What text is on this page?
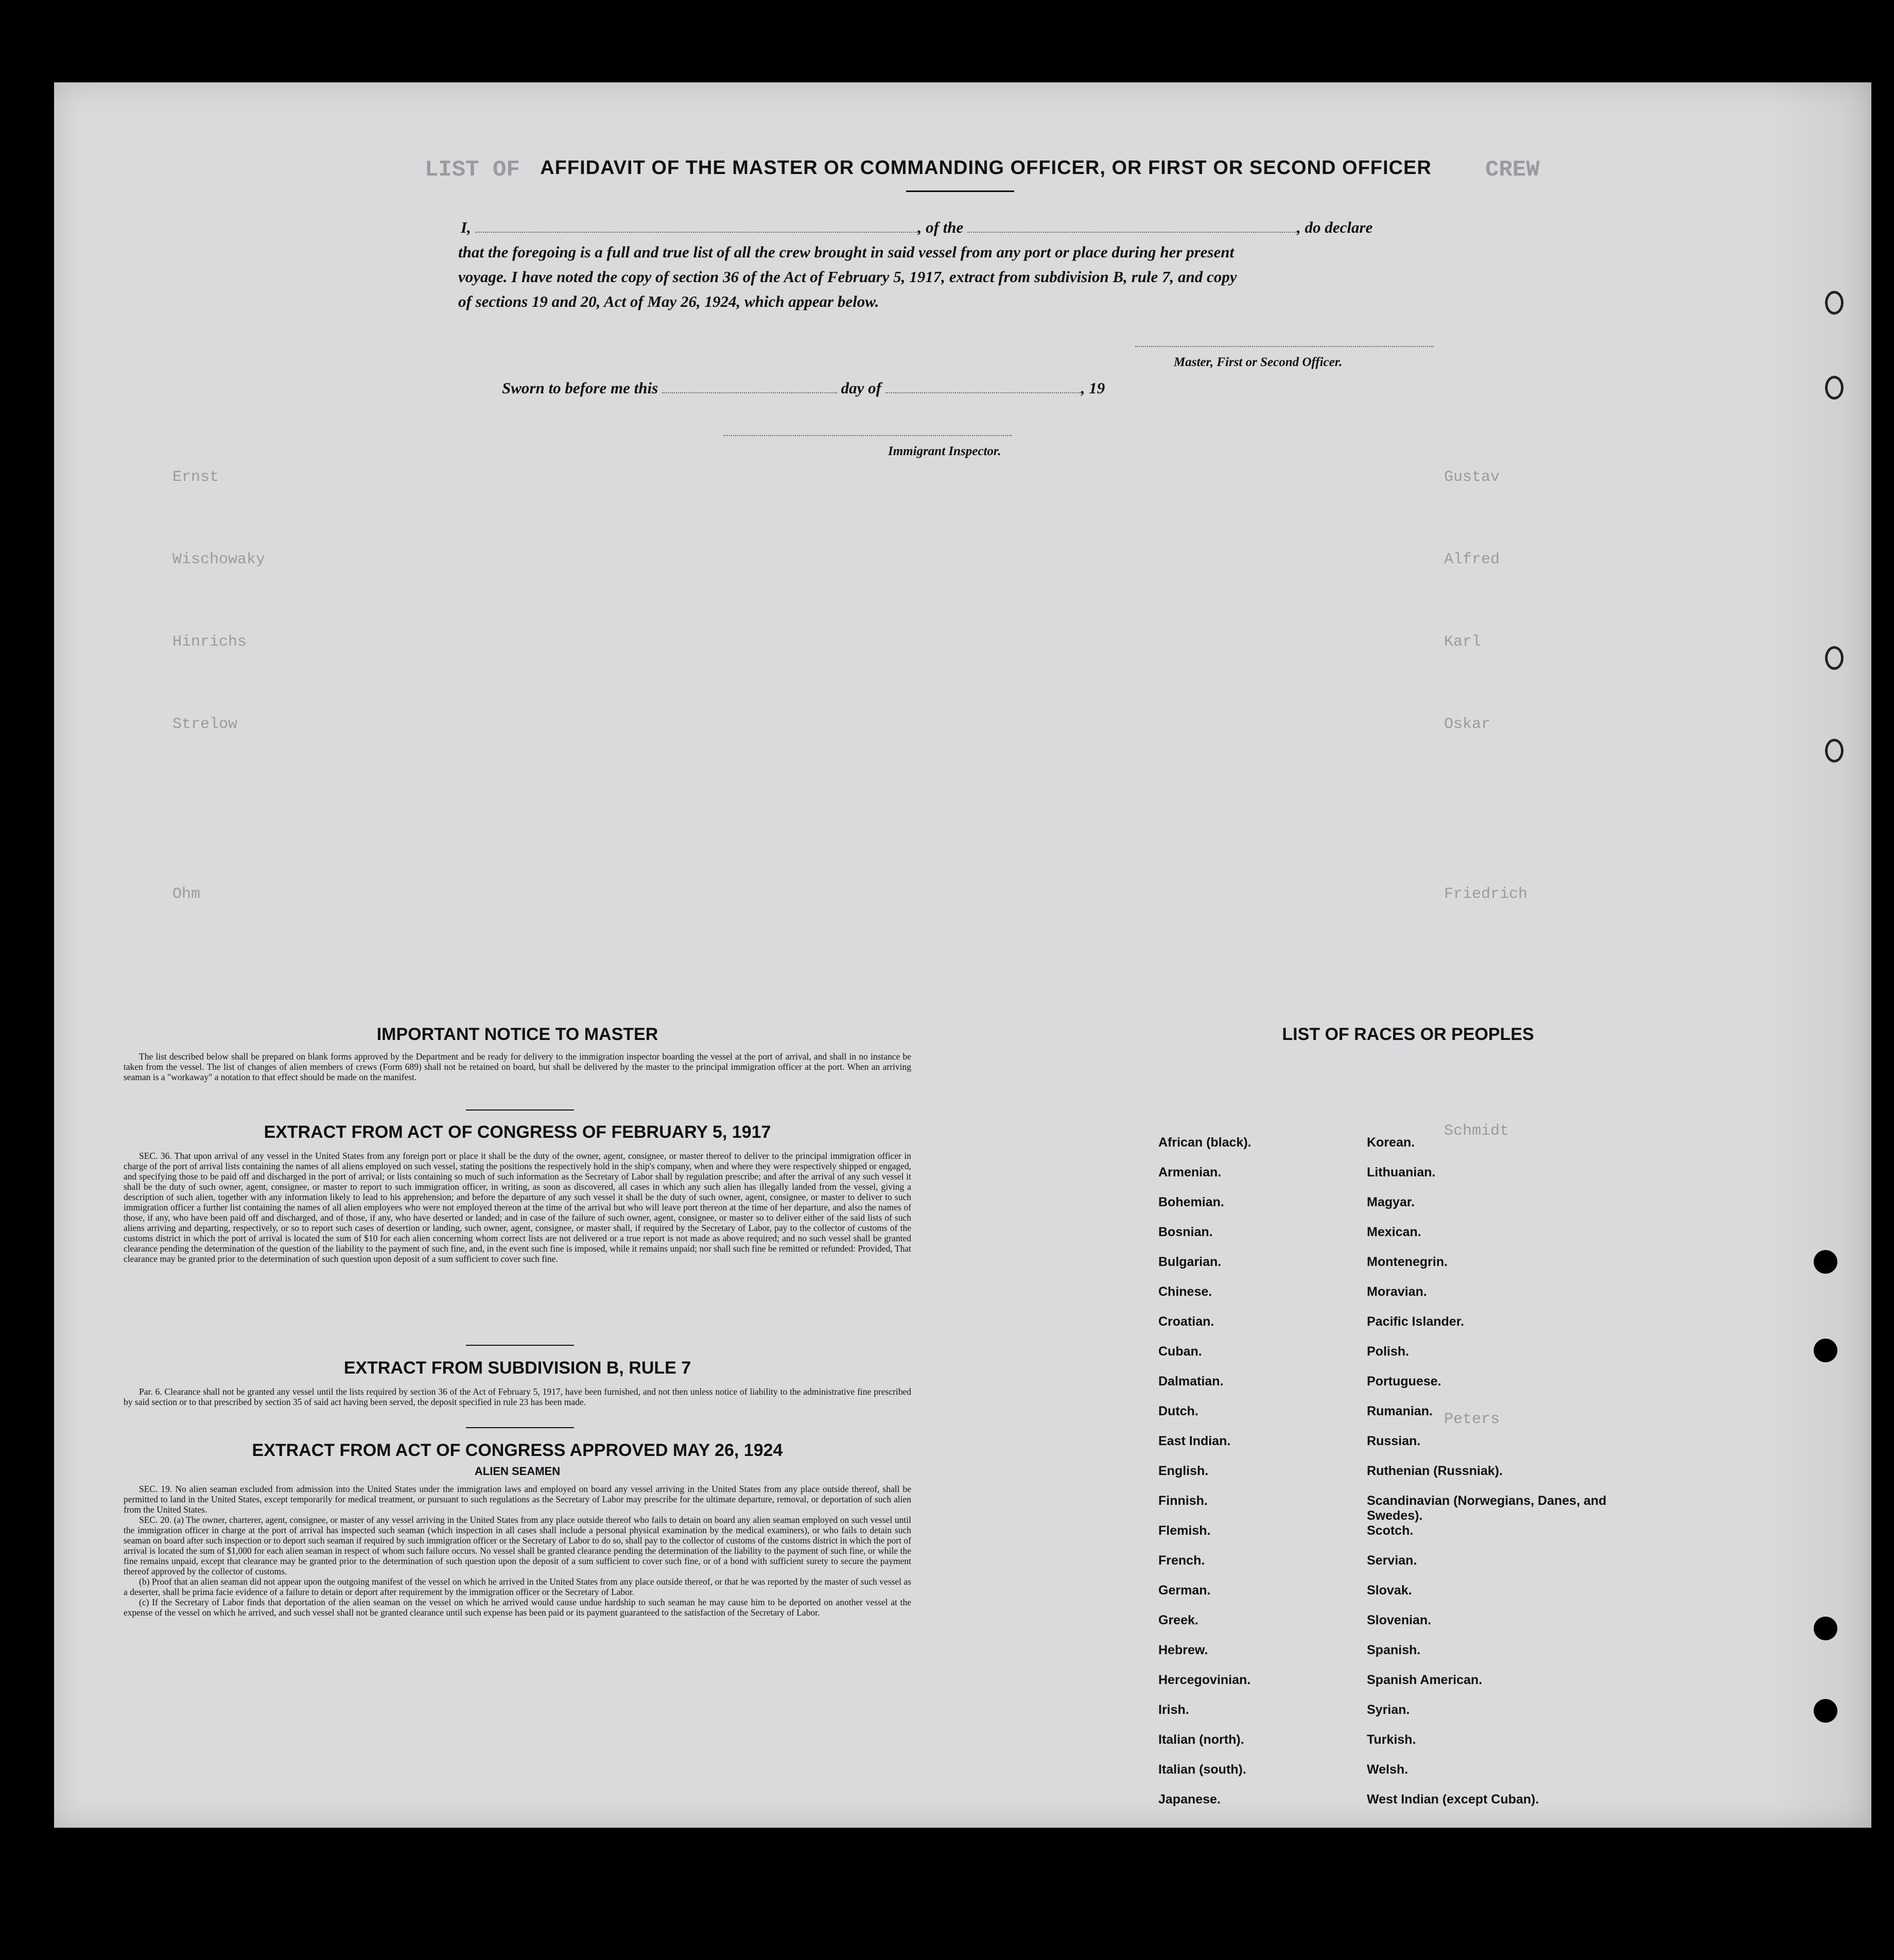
LIST OF	CREW
Ernst	Gustav
Wischowaky	Alfred
Hinrichs	Karl
Strelow	Oskar
Ohm	Friedrich
Schmidt
Peters
AFFIDAVIT OF THE MASTER OR COMMANDING OFFICER, OR FIRST OR SECOND OFFICER
I,	, of the	, do declare
that the foregoing is a full and true list of all the crew brought in said vessel from any port or place during her present
voyage. I have noted the copy of section 36 of the Act of February 5, 1917, extract from subdivision B, rule 7, and copy
of sections 19 and 20, Act of May 26, 1924, which appear below.
Master, First or Second Officer.
Sworn to before me this	day of	, 19
Immigrant Inspector.
IMPORTANT NOTICE TO MASTER

The list described below shall be prepared on blank forms approved by the Department and be ready for delivery to the immigration inspector boarding the vessel at the port of arrival, and shall in no instance be taken from the vessel. The list of changes of alien members of crews (Form 689) shall not be retained on board, but shall be delivered by the master to the principal immigration officer at the port. When an arriving seaman is a "workaway" a notation to that effect should be made on the manifest.

EXTRACT FROM ACT OF CONGRESS OF FEBRUARY 5, 1917

SEC. 36. That upon arrival of any vessel in the United States from any foreign port or place it shall be the duty of the owner, agent, consignee, or master thereof to deliver to the principal immigration officer in charge of the port of arrival lists containing the names of all aliens employed on such vessel, stating the positions the respectively hold in the ship's company, when and where they were respectively shipped or engaged, and specifying those to be paid off and discharged in the port of arrival; or lists containing so much of such information as the Secretary of Labor shall by regulation prescribe; and after the arrival of any such vessel it shall be the duty of such owner, agent, consignee, or master to report to such immigration officer, in writing, as soon as discovered, all cases in which any such alien has illegally landed from the vessel, giving a description of such alien, together with any information likely to lead to his apprehension; and before the departure of any such vessel it shall be the duty of such owner, agent, consignee, or master to deliver to such immigration officer a further list containing the names of all alien employees who were not employed thereon at the time of the arrival but who will leave port thereon at the time of her departure, and also the names of those, if any, who have been paid off and discharged, and of those, if any, who have deserted or landed; and in case of the failure of such owner, agent, consignee, or master so to deliver either of the said lists of such aliens arriving and departing, respectively, or so to report such cases of desertion or landing, such owner, agent, consignee, or master shall, if required by the Secretary of Labor, pay to the collector of customs of the customs district in which the port of arrival is located the sum of $10 for each alien concerning whom correct lists are not delivered or a true report is not made as above required; and no such vessel shall be granted clearance pending the determination of the question of the liability to the payment of such fine, and, in the event such fine is imposed, while it remains unpaid; nor shall such fine be remitted or refunded: Provided, That clearance may be granted prior to the determination of such question upon deposit of a sum sufficient to cover such fine.

EXTRACT FROM SUBDIVISION B, RULE 7

Par. 6. Clearance shall not be granted any vessel until the lists required by section 36 of the Act of February 5, 1917, have been furnished, and not then unless notice of liability to the administrative fine prescribed by said section or to that prescribed by section 35 of said act having been served, the deposit specified in rule 23 has been made.

EXTRACT FROM ACT OF CONGRESS APPROVED MAY 26, 1924
ALIEN SEAMEN

SEC. 19. No alien seaman excluded from admission into the United States under the immigration laws and employed on board any vessel arriving in the United States from any place outside thereof, shall be permitted to land in the United States, except temporarily for medical treatment, or pursuant to such regulations as the Secretary of Labor may prescribe for the ultimate departure, removal, or deportation of such alien from the United States.

SEC. 20. (a) The owner, charterer, agent, consignee, or master of any vessel arriving in the United States from any place outside thereof who fails to detain on board any alien seaman employed on such vessel until the immigration officer in charge at the port of arrival has inspected such seaman (which inspection in all cases shall include a personal physical examination by the medical examiners), or who fails to detain such seaman on board after such inspection or to deport such seaman if required by such immigration officer or the Secretary of Labor to do so, shall pay to the collector of customs of the customs district in which the port of arrival is located the sum of $1,000 for each alien seaman in respect of whom such failure occurs. No vessel shall be granted clearance pending the determination of the liability to the payment of such fine, or while the fine remains unpaid, except that clearance may be granted prior to the determination of such question upon the deposit of a sum sufficient to cover such fine, or of a bond with sufficient surety to secure the payment thereof approved by the collector of customs.

(b) Proof that an alien seaman did not appear upon the outgoing manifest of the vessel on which he arrived in the United States from any place outside thereof, or that he was reported by the master of such vessel as a deserter, shall be prima facie evidence of a failure to detain or deport after requirement by the immigration officer or the Secretary of Labor.

(c) If the Secretary of Labor finds that deportation of the alien seaman on the vessel on which he arrived would cause undue hardship to such seaman he may cause him to be deported on another vessel at the expense of the vessel on which he arrived, and such vessel shall not be granted clearance until such expense has been paid or its payment guaranteed to the satisfaction of the Secretary of Labor.

LIST OF RACES OR PEOPLES
African (black).	Korean.
Armenian.	Lithuanian.
Bohemian.	Magyar.
Bosnian.	Mexican.
Bulgarian.	Montenegrin.
Chinese.	Moravian.
Croatian.	Pacific Islander.
Cuban.	Polish.
Dalmatian.	Portuguese.
Dutch.	Rumanian.
East Indian.	Russian.
English.	Ruthenian (Russniak).
Finnish.	Scandinavian (Norwegians, Danes, and Swedes).
Flemish.	Scotch.
French.	Servian.
German.	Slovak.
Greek.	Slovenian.
Hebrew.	Spanish.
Hercegovinian.	Spanish American.
Irish.	Syrian.
Italian (north).	Turkish.
Italian (south).	Welsh.
Japanese.	West Indian (except Cuban).
